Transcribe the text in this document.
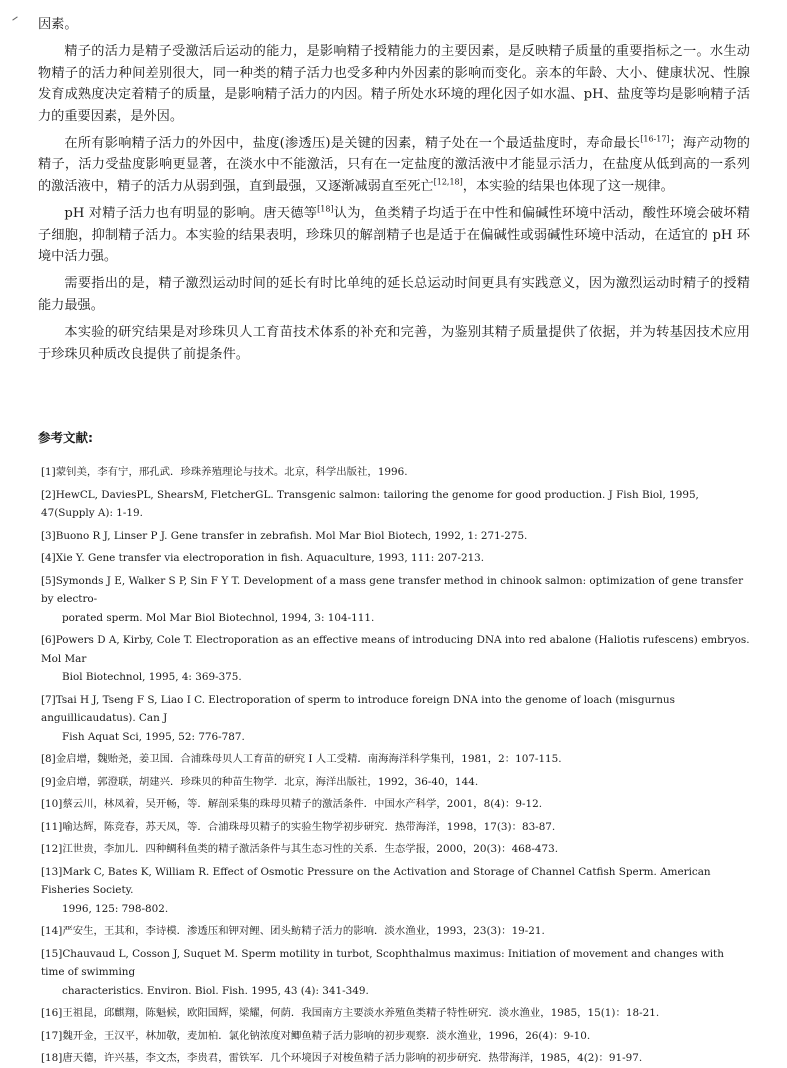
因素。

精子的活力是精子受激活后运动的能力，是影响精子授精能力的主要因素，是反映精子质量的重要指标之一。水生动物精子的活力种间差别很大，同一种类的精子活力也受多种内外因素的影响而变化。亲本的年龄、大小、健康状况、性腺发育成熟度决定着精子的质量，是影响精子活力的内因。精子所处水环境的理化因子如水温、pH、盐度等均是影响精子活力的重要因素，是外因。

在所有影响精子活力的外因中，盐度(渗透压)是关键的因素，精子处在一个最适盐度时，寿命最长[16-17]；海产动物的精子，活力受盐度影响更显著，在淡水中不能激活，只有在一定盐度的激活液中才能显示活力，在盐度从低到高的一系列的激活液中，精子的活力从弱到强，直到最强，又逐渐减弱直至死亡[12,18]，本实验的结果也体现了这一规律。

pH 对精子活力也有明显的影响。唐天德等[18]认为，鱼类精子均适于在中性和偏碱性环境中活动，酸性环境会破坏精子细胞，抑制精子活力。本实验的结果表明，珍珠贝的解剖精子也是适于在偏碱性或弱碱性环境中活动，在适宜的 pH 环境中活力强。

需要指出的是，精子激烈运动时间的延长有时比单纯的延长总运动时间更具有实践意义，因为激烈运动时精子的授精能力最强。

本实验的研究结果是对珍珠贝人工育苗技术体系的补充和完善，为鉴别其精子质量提供了依据，并为转基因技术应用于珍珠贝种质改良提供了前提条件。

参考文献:
[1]蒙钊美，李有宁，邢孔武．珍珠养殖理论与技术。北京，科学出版社，1996.
[2]HewCL, DaviesPL, ShearsM, FletcherGL. Transgenic salmon: tailoring the genome for good production. J Fish Biol, 1995, 47(Supply A): 1-19.
[3]Buono R J, Linser P J. Gene transfer in zebrafish. Mol Mar Biol Biotech, 1992, 1: 271-275.
[4]Xie Y. Gene transfer via electroporation in fish. Aquaculture, 1993, 111: 207-213.
[5]Symonds J E, Walker S P, Sin F Y T. Development of a mass gene transfer method in chinook salmon: optimization of gene transfer by electro-
porated sperm. Mol Mar Biol Biotechnol, 1994, 3: 104-111.
[6]Powers D A, Kirby, Cole T. Electroporation as an effective means of introducing DNA into red abalone (Haliotis rufescens) embryos. Mol Mar
Biol Biotechnol, 1995, 4: 369-375.
[7]Tsai H J, Tseng F S, Liao I C. Electroporation of sperm to introduce foreign DNA into the genome of loach (misgurnus anguillicaudatus). Can J
Fish Aquat Sci, 1995, 52: 776-787.
[8]金启增，魏贻尧，姜卫国．合浦珠母贝人工育苗的研究 I 人工受精．南海海洋科学集刊，1981，2：107-115.
[9]金启增，郭澄联，胡建兴．珍珠贝的种苗生物学．北京，海洋出版社，1992，36-40，144.
[10]蔡云川，林凤着，吴开畅，等．解剖采集的珠母贝精子的激活条件．中国水产科学，2001，8(4)：9-12.
[11]喻达辉，陈竞春，苏天凤，等．合浦珠母贝精子的实验生物学初步研究．热带海洋，1998，17(3)：83-87.
[12]江世贵，李加儿．四种鲷科鱼类的精子激活条件与其生态习性的关系．生态学报，2000，20(3)：468-473.
[13]Mark C, Bates K, William R. Effect of Osmotic Pressure on the Activation and Storage of Channel Catfish Sperm. American Fisheries Society.
1996, 125: 798-802.
[14]严安生，王其和，李诗模．渗透压和钾对鲤、团头鲂精子活力的影响．淡水渔业，1993，23(3)：19-21.
[15]Chauvaud L, Cosson J, Suquet M. Sperm motility in turbot, Scophthalmus maximus: Initiation of movement and changes with time of swimming
characteristics. Environ. Biol. Fish. 1995, 43 (4): 341-349.
[16]王祖昆，邱麒翔，陈魁候，欧阳国辉，梁耀，何荫．我国南方主要淡水养殖鱼类精子特性研究．淡水渔业，1985，15(1)：18-21.
[17]魏开金，王汉平，林加敬，麦加柏．氯化钠浓度对鲫鱼精子活力影响的初步观察．淡水渔业，1996，26(4)：9-10.
[18]唐天德，许兴基，李文杰，李贵君，雷铁军．几个环境因子对梭鱼精子活力影响的初步研究．热带海洋，1985，4(2)：91-97.
